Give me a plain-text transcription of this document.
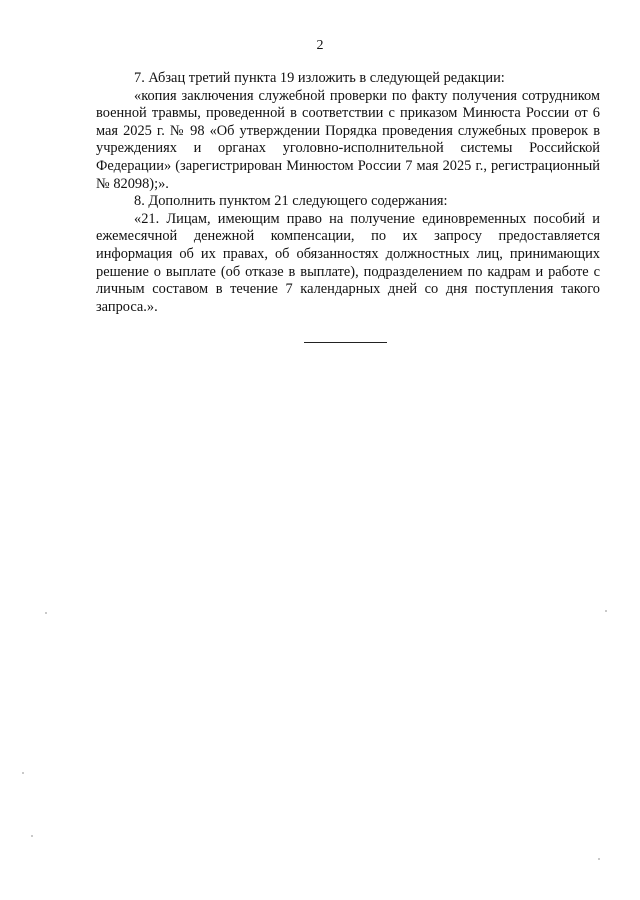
2

7. Абзац третий пункта 19 изложить в следующей редакции:

«копия заключения служебной проверки по факту получения сотрудником военной травмы, проведенной в соответствии с приказом Минюста России от 6 мая 2025 г. № 98 «Об утверждении Порядка проведения служебных проверок в учреждениях и органах уголовно-исполнительной системы Российской Федерации» (зарегистрирован Минюстом России 7 мая 2025 г., регистрационный № 82098);».

8. Дополнить пунктом 21 следующего содержания:

«21. Лицам, имеющим право на получение единовременных пособий и ежемесячной денежной компенсации, по их запросу предоставляется информация об их правах, об обязанностях должностных лиц, принимающих решение о выплате (об отказе в выплате), подразделением по кадрам и работе с личным составом в течение 7 календарных дней со дня поступления такого запроса.».
